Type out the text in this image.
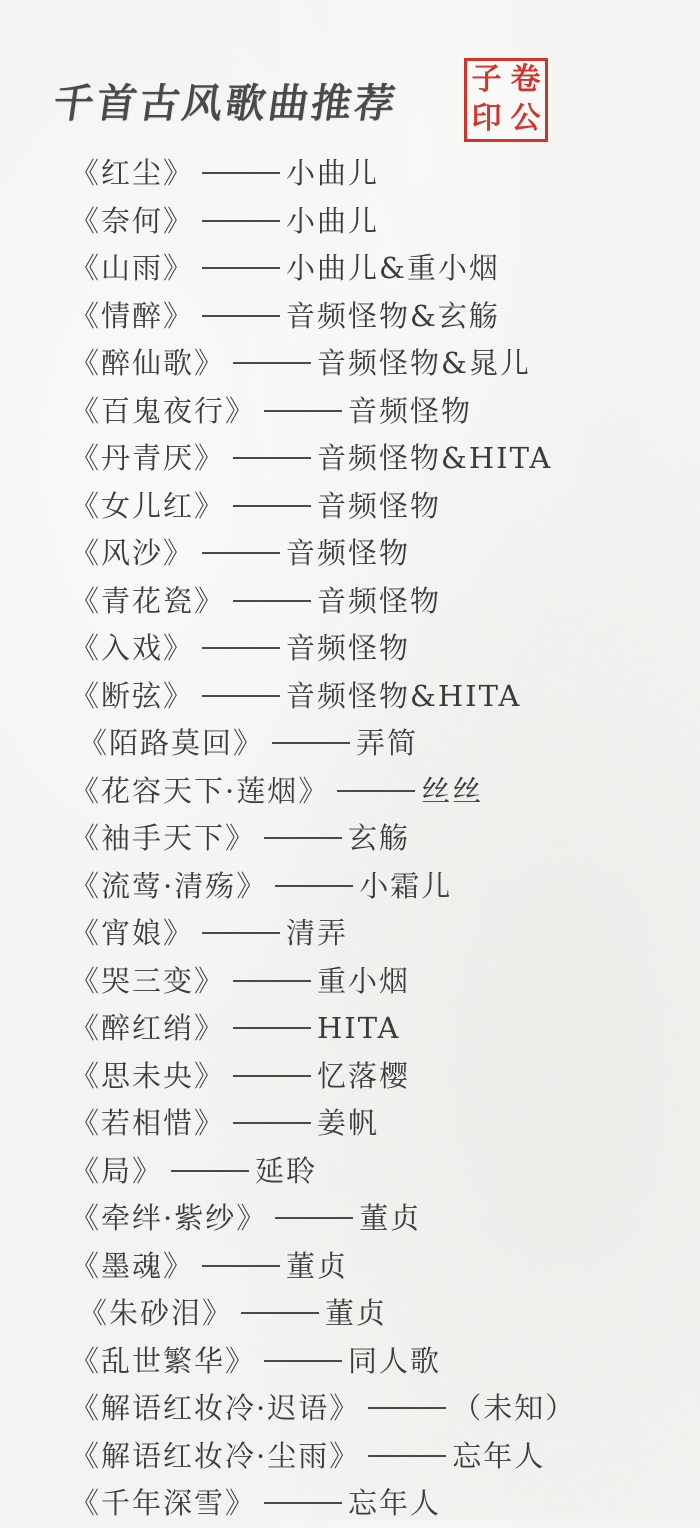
千首古风歌曲推荐
子 卷
印 公
《红尘》	小曲儿
《奈何》	小曲儿
《山雨》	小曲儿&重小烟
《情醉》	音频怪物&玄觞
《醉仙歌》	音频怪物&晁儿
《百鬼夜行》	音频怪物
《丹青厌》	音频怪物&HITA
《女儿红》	音频怪物
《风沙》	音频怪物
《青花瓷》	音频怪物
《入戏》	音频怪物
《断弦》	音频怪物&HITA
《陌路莫回》	弄简
《花容天下·莲烟》	丝丝
《袖手天下》	玄觞
《流莺·清殇》	小霜儿
《宵娘》	清弄
《哭三变》	重小烟
《醉红绡》	HITA
《思未央》	忆落樱
《若相惜》	姜帆
《局》	延聆
《牵绊·紫纱》	董贞
《墨魂》	董贞
《朱砂泪》	董贞
《乱世繁华》	同人歌
《解语红妆冷·迟语》	（未知）
《解语红妆冷·尘雨》	忘年人
《千年深雪》	忘年人
